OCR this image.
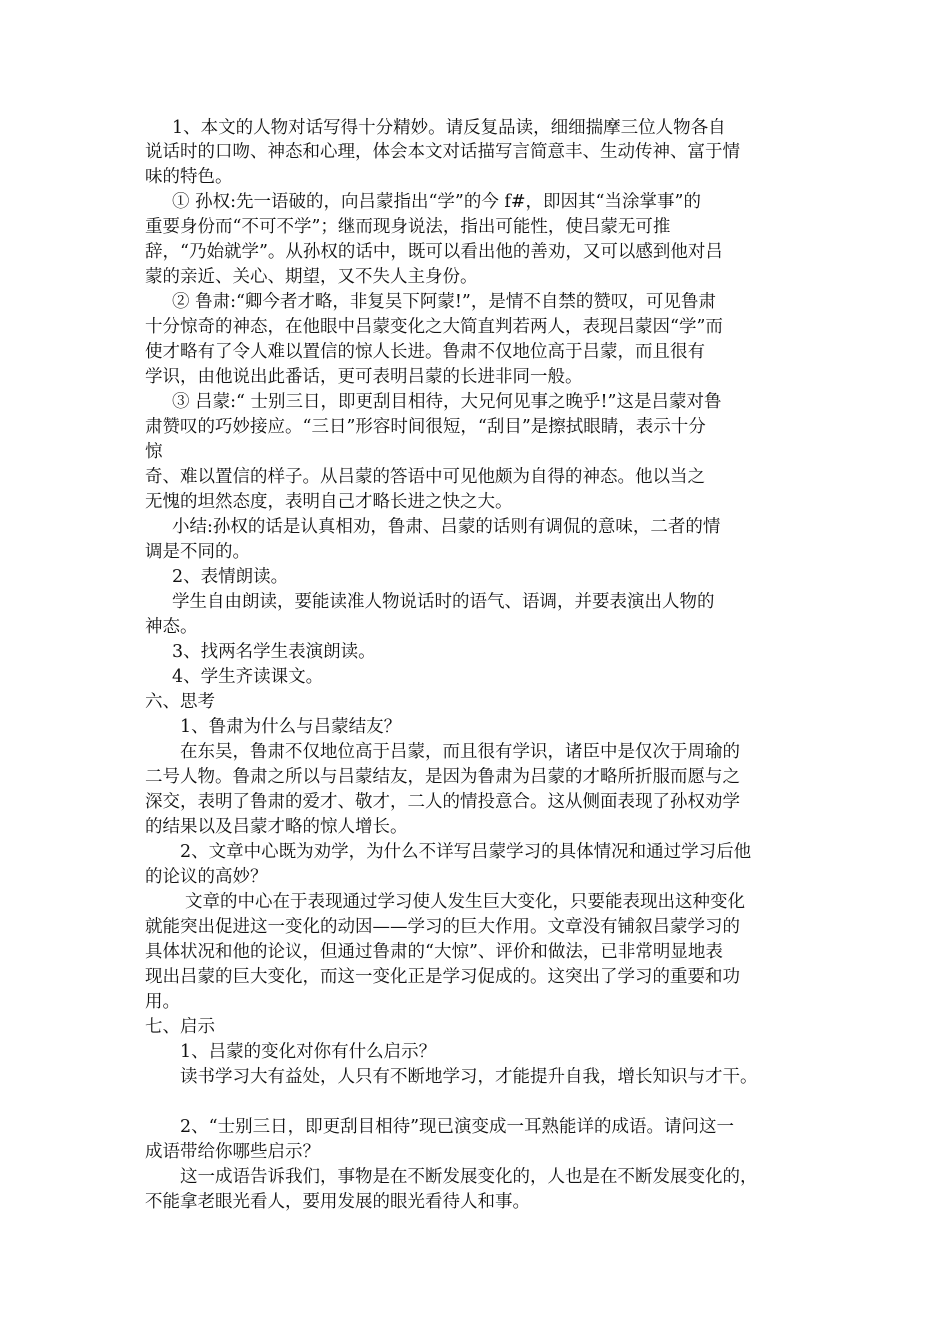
1、本文的人物对话写得十分精妙。请反复品读，细细揣摩三位人物各自
说话时的口吻、神态和心理，体会本文对话描写言简意丰、生动传神、富于情
味的特色。
① 孙权:先一语破的，向吕蒙指出“学”的今 f#，即因其“当涂掌事”的
重要身份而“不可不学”；继而现身说法，指出可能性，使吕蒙无可推
辞，“乃始就学”。从孙权的话中，既可以看出他的善劝，又可以感到他对吕
蒙的亲近、关心、期望，又不失人主身份。
② 鲁肃:“卿今者才略，非复吴下阿蒙!”，是情不自禁的赞叹，可见鲁肃
十分惊奇的神态，在他眼中吕蒙变化之大简直判若两人，表现吕蒙因“学”而
使才略有了令人难以置信的惊人长进。鲁肃不仅地位高于吕蒙，而且很有
学识，由他说出此番话，更可表明吕蒙的长进非同一般。
③ 吕蒙:“ 士别三日，即更刮目相待，大兄何见事之晚乎!”这是吕蒙对鲁
肃赞叹的巧妙接应。“三日”形容时间很短，“刮目”是擦拭眼睛，表示十分
惊
奇、难以置信的样子。从吕蒙的答语中可见他颇为自得的神态。他以当之
无愧的坦然态度，表明自己才略长进之快之大。
小结:孙权的话是认真相劝，鲁肃、吕蒙的话则有调侃的意味，二者的情
调是不同的。
2、表情朗读。
学生自由朗读，要能读准人物说话时的语气、语调，并要表演出人物的
神态。
3、找两名学生表演朗读。
4、学生齐读课文。
六、思考
1、鲁肃为什么与吕蒙结友？
在东吴，鲁肃不仅地位高于吕蒙，而且很有学识，诸臣中是仅次于周瑜的
二号人物。鲁肃之所以与吕蒙结友，是因为鲁肃为吕蒙的才略所折服而愿与之
深交，表明了鲁肃的爱才、敬才，二人的情投意合。这从侧面表现了孙权劝学
的结果以及吕蒙才略的惊人增长。
2、文章中心既为劝学，为什么不详写吕蒙学习的具体情况和通过学习后他
的论议的高妙？
文章的中心在于表现通过学习使人发生巨大变化，只要能表现出这种变化
就能突出促进这一变化的动因——学习的巨大作用。文章没有铺叙吕蒙学习的
具体状况和他的论议，但通过鲁肃的“大惊”、评价和做法，已非常明显地表
现出吕蒙的巨大变化，而这一变化正是学习促成的。这突出了学习的重要和功
用。
七、启示
1、吕蒙的变化对你有什么启示？
读书学习大有益处，人只有不断地学习，才能提升自我，增长知识与才干。
2、“士别三日，即更刮目相待”现已演变成一耳熟能详的成语。请问这一
成语带给你哪些启示？
这一成语告诉我们，事物是在不断发展变化的，人也是在不断发展变化的，
不能拿老眼光看人，要用发展的眼光看待人和事。
